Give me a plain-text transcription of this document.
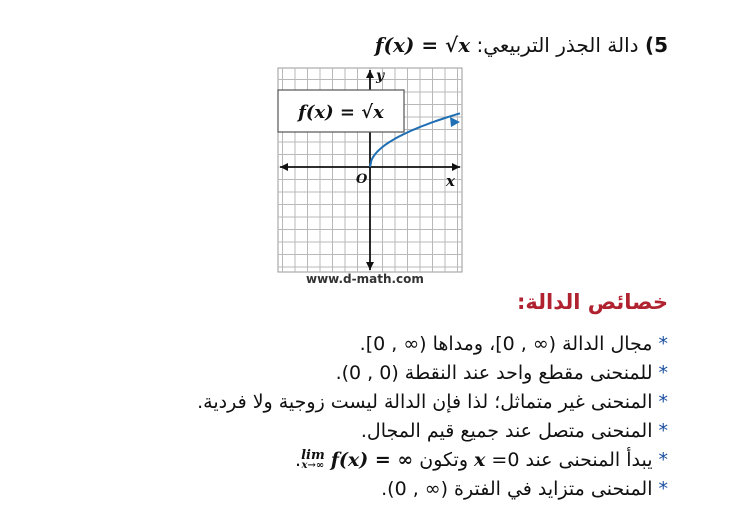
5) دالة الجذر التربيعي: f(x) = √x
f(x) = √x
y
x
O
www.d-math.com
خصائص الدالة:
*مجال الدالة (∞ , 0]، ومداها (∞ , 0].
*للمنحنى مقطع واحد عند النقطة (0 , 0).
*المنحنى غير متماثل؛ لذا فإن الدالة ليست زوجية ولا فردية.
*المنحنى متصل عند جميع قيم المجال.
*يبدأ المنحنى عند 0= x وتكون
lim
x→∞ f(x) = ∞.
*المنحنى متزايد في الفترة (∞ , 0).
